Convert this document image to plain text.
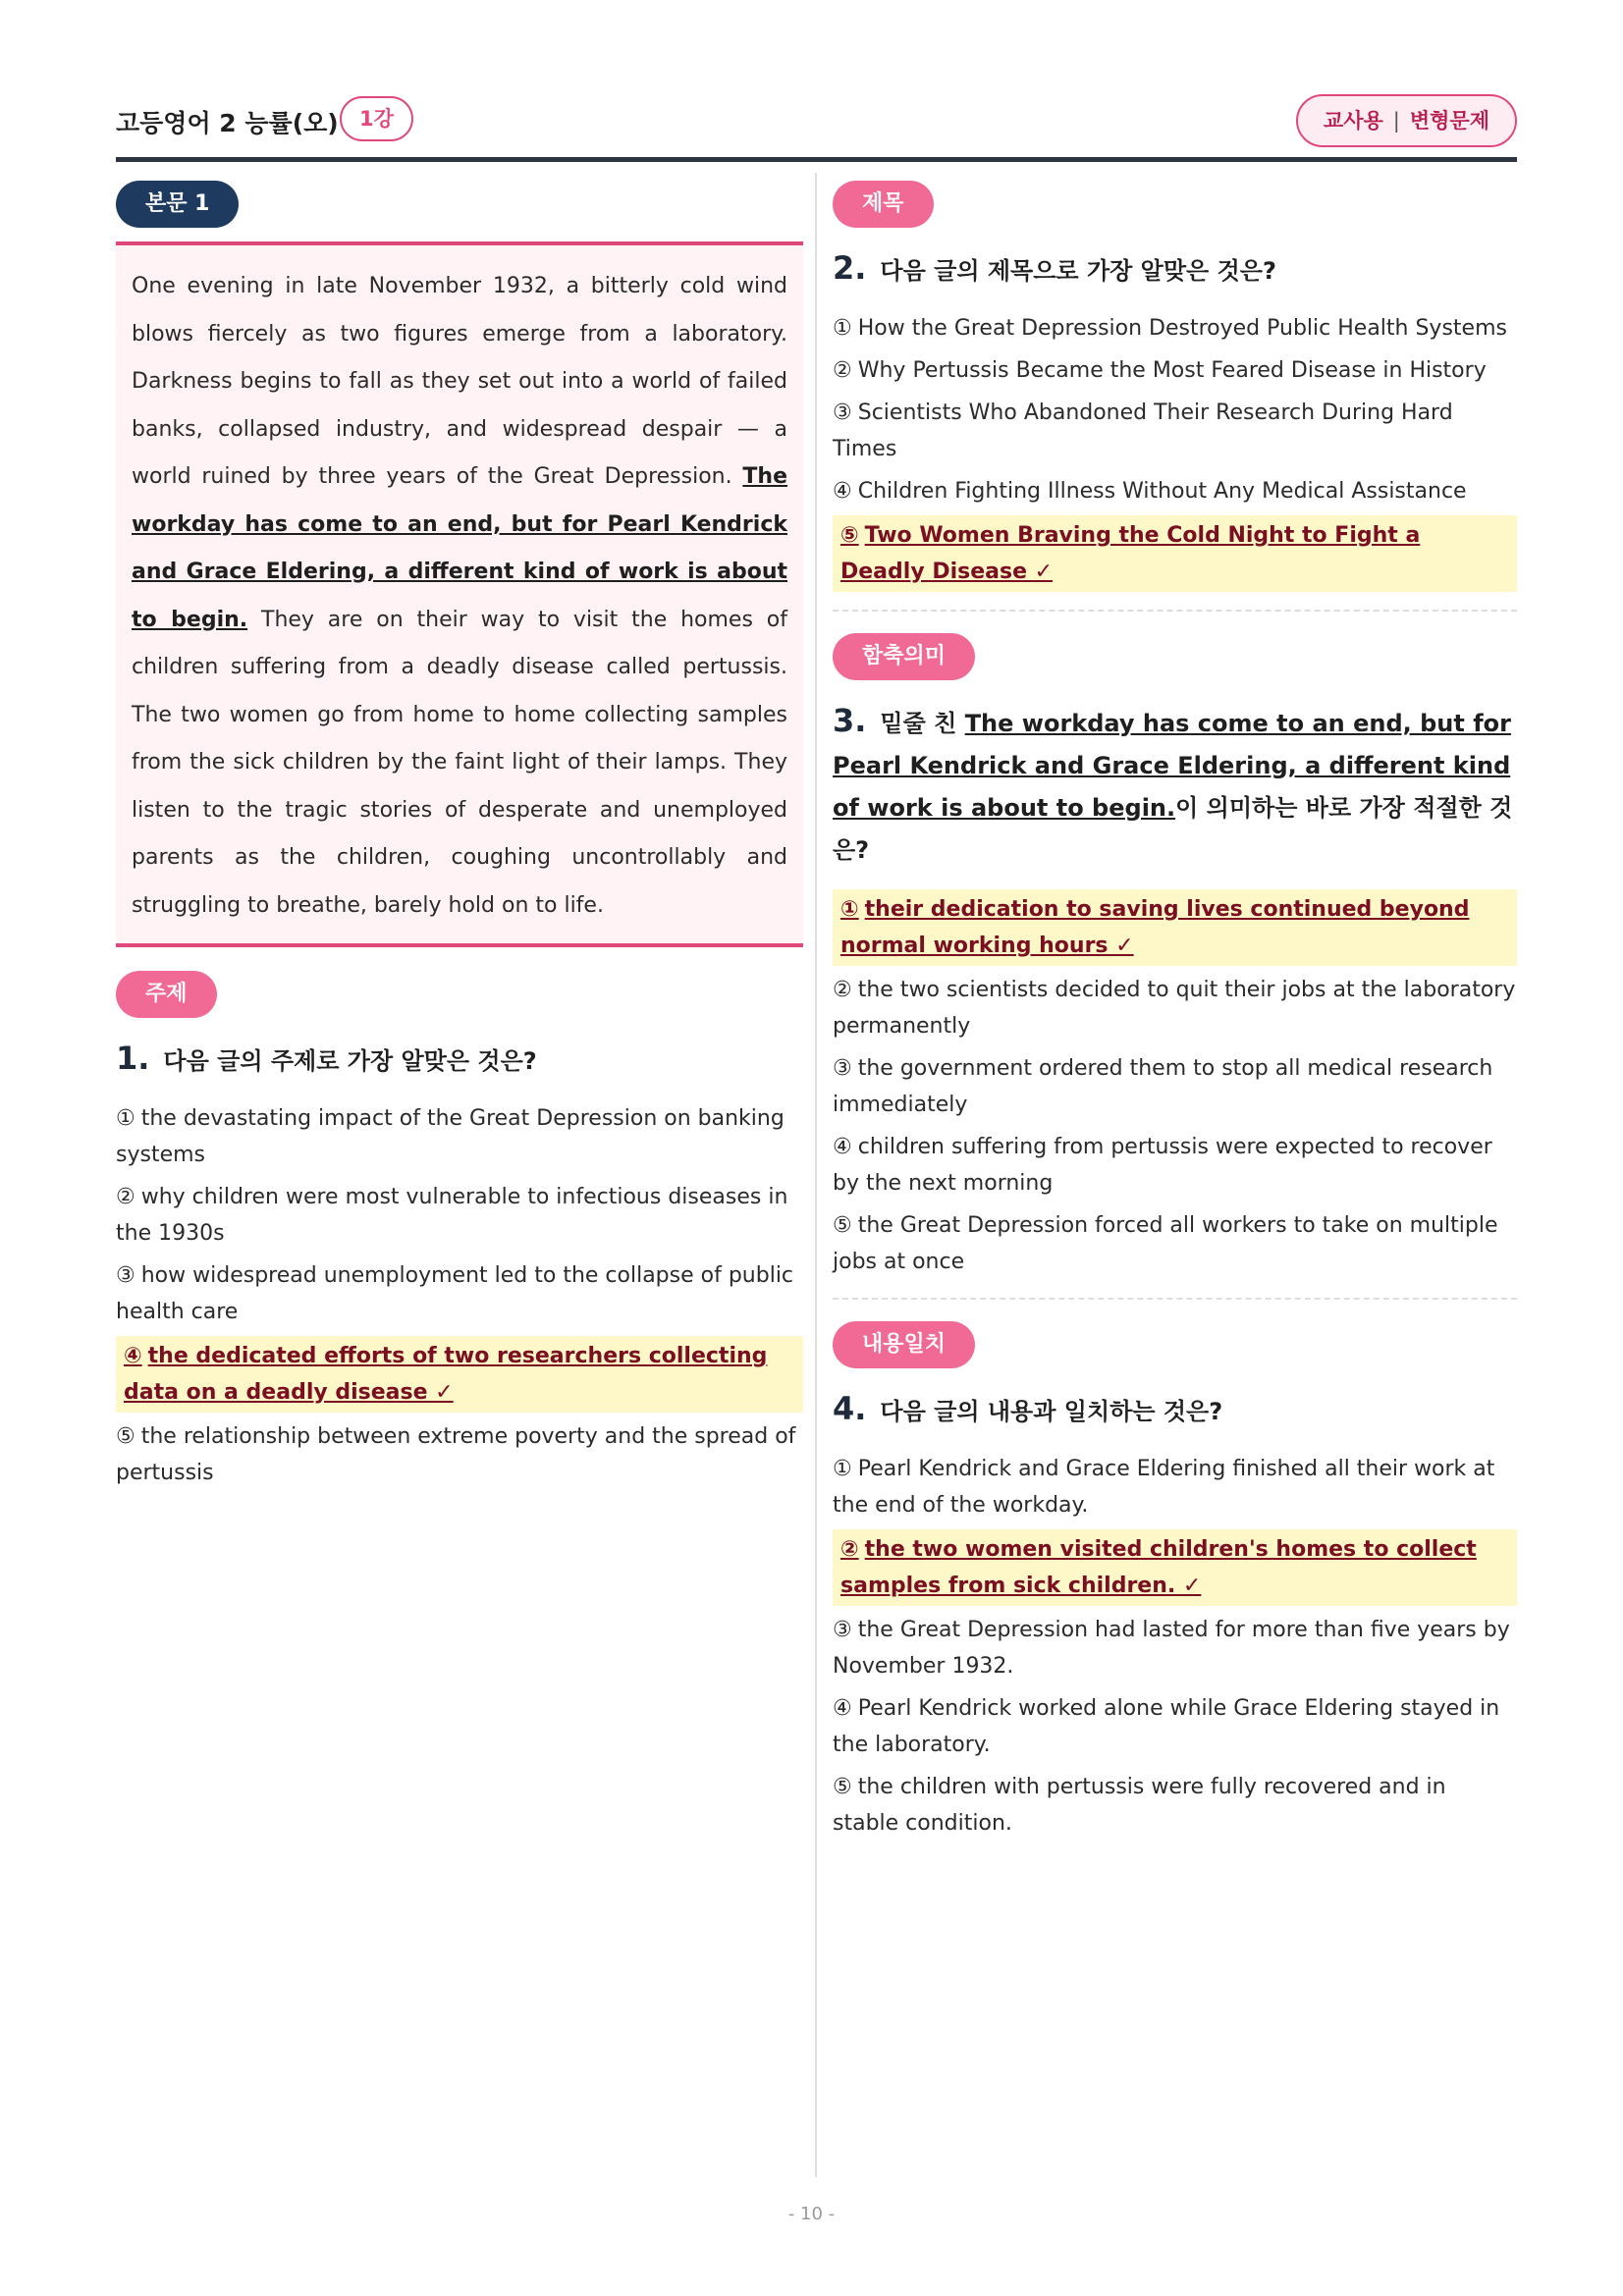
고등영어 2 능률(오)	1강	교사용 | 변형문제
본문 1

One evening in late November 1932, a bitterly cold wind blows fiercely as two figures emerge from a laboratory. Darkness begins to fall as they set out into a world of failed banks, collapsed industry, and widespread despair — a world ruined by three years of the Great Depression. The workday has come to an end, but for Pearl Kendrick and Grace Eldering, a different kind of work is about to begin. They are on their way to visit the homes of children suffering from a deadly disease called pertussis. The two women go from home to home collecting samples from the sick children by the faint light of their lamps. They listen to the tragic stories of desperate and unemployed parents as the children, coughing uncontrollably and struggling to breathe, barely hold on to life.

주제
1. 다음 글의 주제로 가장 알맞은 것은?
① the devastating impact of the Great Depression on banking systems
② why children were most vulnerable to infectious diseases in the 1930s
③ how widespread unemployment led to the collapse of public health care
④ the dedicated efforts of two researchers collecting data on a deadly disease ✓
⑤ the relationship between extreme poverty and the spread of pertussis
제목
2. 다음 글의 제목으로 가장 알맞은 것은?
① How the Great Depression Destroyed Public Health Systems
② Why Pertussis Became the Most Feared Disease in History
③ Scientists Who Abandoned Their Research During Hard Times
④ Children Fighting Illness Without Any Medical Assistance
⑤ Two Women Braving the Cold Night to Fight a Deadly Disease ✓
함축의미
3. 밑줄 친 The workday has come to an end, but for Pearl Kendrick and Grace Eldering, a different kind of work is about to begin.이 의미하는 바로 가장 적절한 것은?
① their dedication to saving lives continued beyond normal working hours ✓
② the two scientists decided to quit their jobs at the laboratory permanently
③ the government ordered them to stop all medical research immediately
④ children suffering from pertussis were expected to recover by the next morning
⑤ the Great Depression forced all workers to take on multiple jobs at once
내용일치
4. 다음 글의 내용과 일치하는 것은?
① Pearl Kendrick and Grace Eldering finished all their work at the end of the workday.
② the two women visited children's homes to collect samples from sick children. ✓
③ the Great Depression had lasted for more than five years by November 1932.
④ Pearl Kendrick worked alone while Grace Eldering stayed in the laboratory.
⑤ the children with pertussis were fully recovered and in stable condition.
- 10 -
